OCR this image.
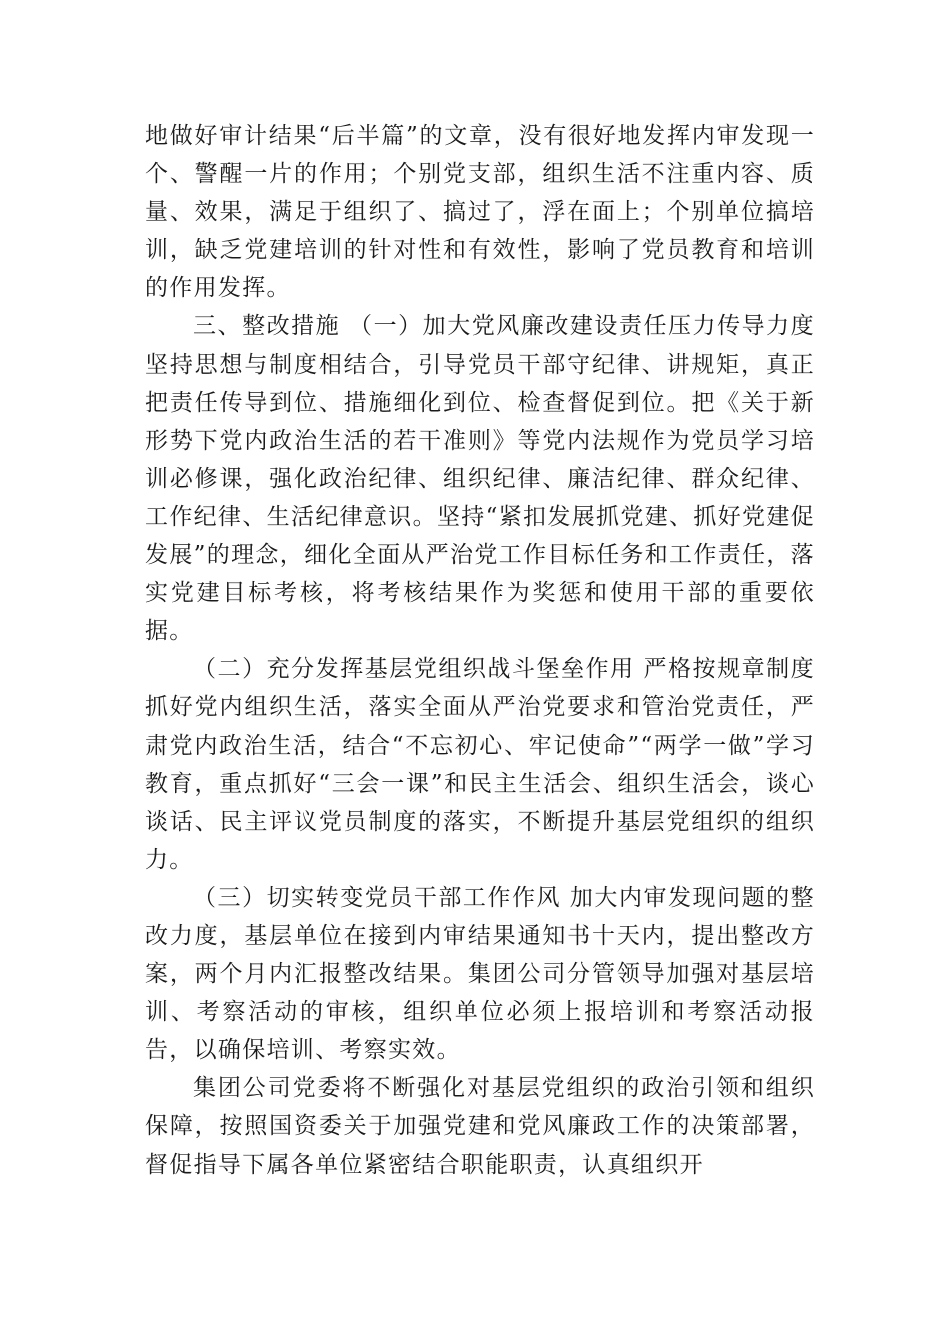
地做好审计结果“后半篇”的文章，没有很好地发挥内审发现一个、警醒一片的作用；个别党支部，组织生活不注重内容、质量、效果，满足于组织了、搞过了，浮在面上；个别单位搞培训，缺乏党建培训的针对性和有效性，影响了党员教育和培训的作用发挥。

三、整改措施 （一）加大党风廉改建设责任压力传导力度 坚持思想与制度相结合，引导党员干部守纪律、讲规矩，真正把责任传导到位、措施细化到位、检查督促到位。把《关于新形势下党内政治生活的若干准则》等党内法规作为党员学习培训必修课，强化政治纪律、组织纪律、廉洁纪律、群众纪律、工作纪律、生活纪律意识。坚持“紧扣发展抓党建、抓好党建促发展”的理念，细化全面从严治党工作目标任务和工作责任，落实党建目标考核，将考核结果作为奖惩和使用干部的重要依据。

（二）充分发挥基层党组织战斗堡垒作用 严格按规章制度抓好党内组织生活，落实全面从严治党要求和管治党责任，严肃党内政治生活，结合“不忘初心、牢记使命”“两学一做”学习教育，重点抓好“三会一课”和民主生活会、组织生活会，谈心谈话、民主评议党员制度的落实，不断提升基层党组织的组织力。

（三）切实转变党员干部工作作风 加大内审发现问题的整改力度，基层单位在接到内审结果通知书十天内，提出整改方案，两个月内汇报整改结果。集团公司分管领导加强对基层培训、考察活动的审核，组织单位必须上报培训和考察活动报告，以确保培训、考察实效。

集团公司党委将不断强化对基层党组织的政治引领和组织保障，按照国资委关于加强党建和党风廉政工作的决策部署，督促指导下属各单位紧密结合职能职责，认真组织开
